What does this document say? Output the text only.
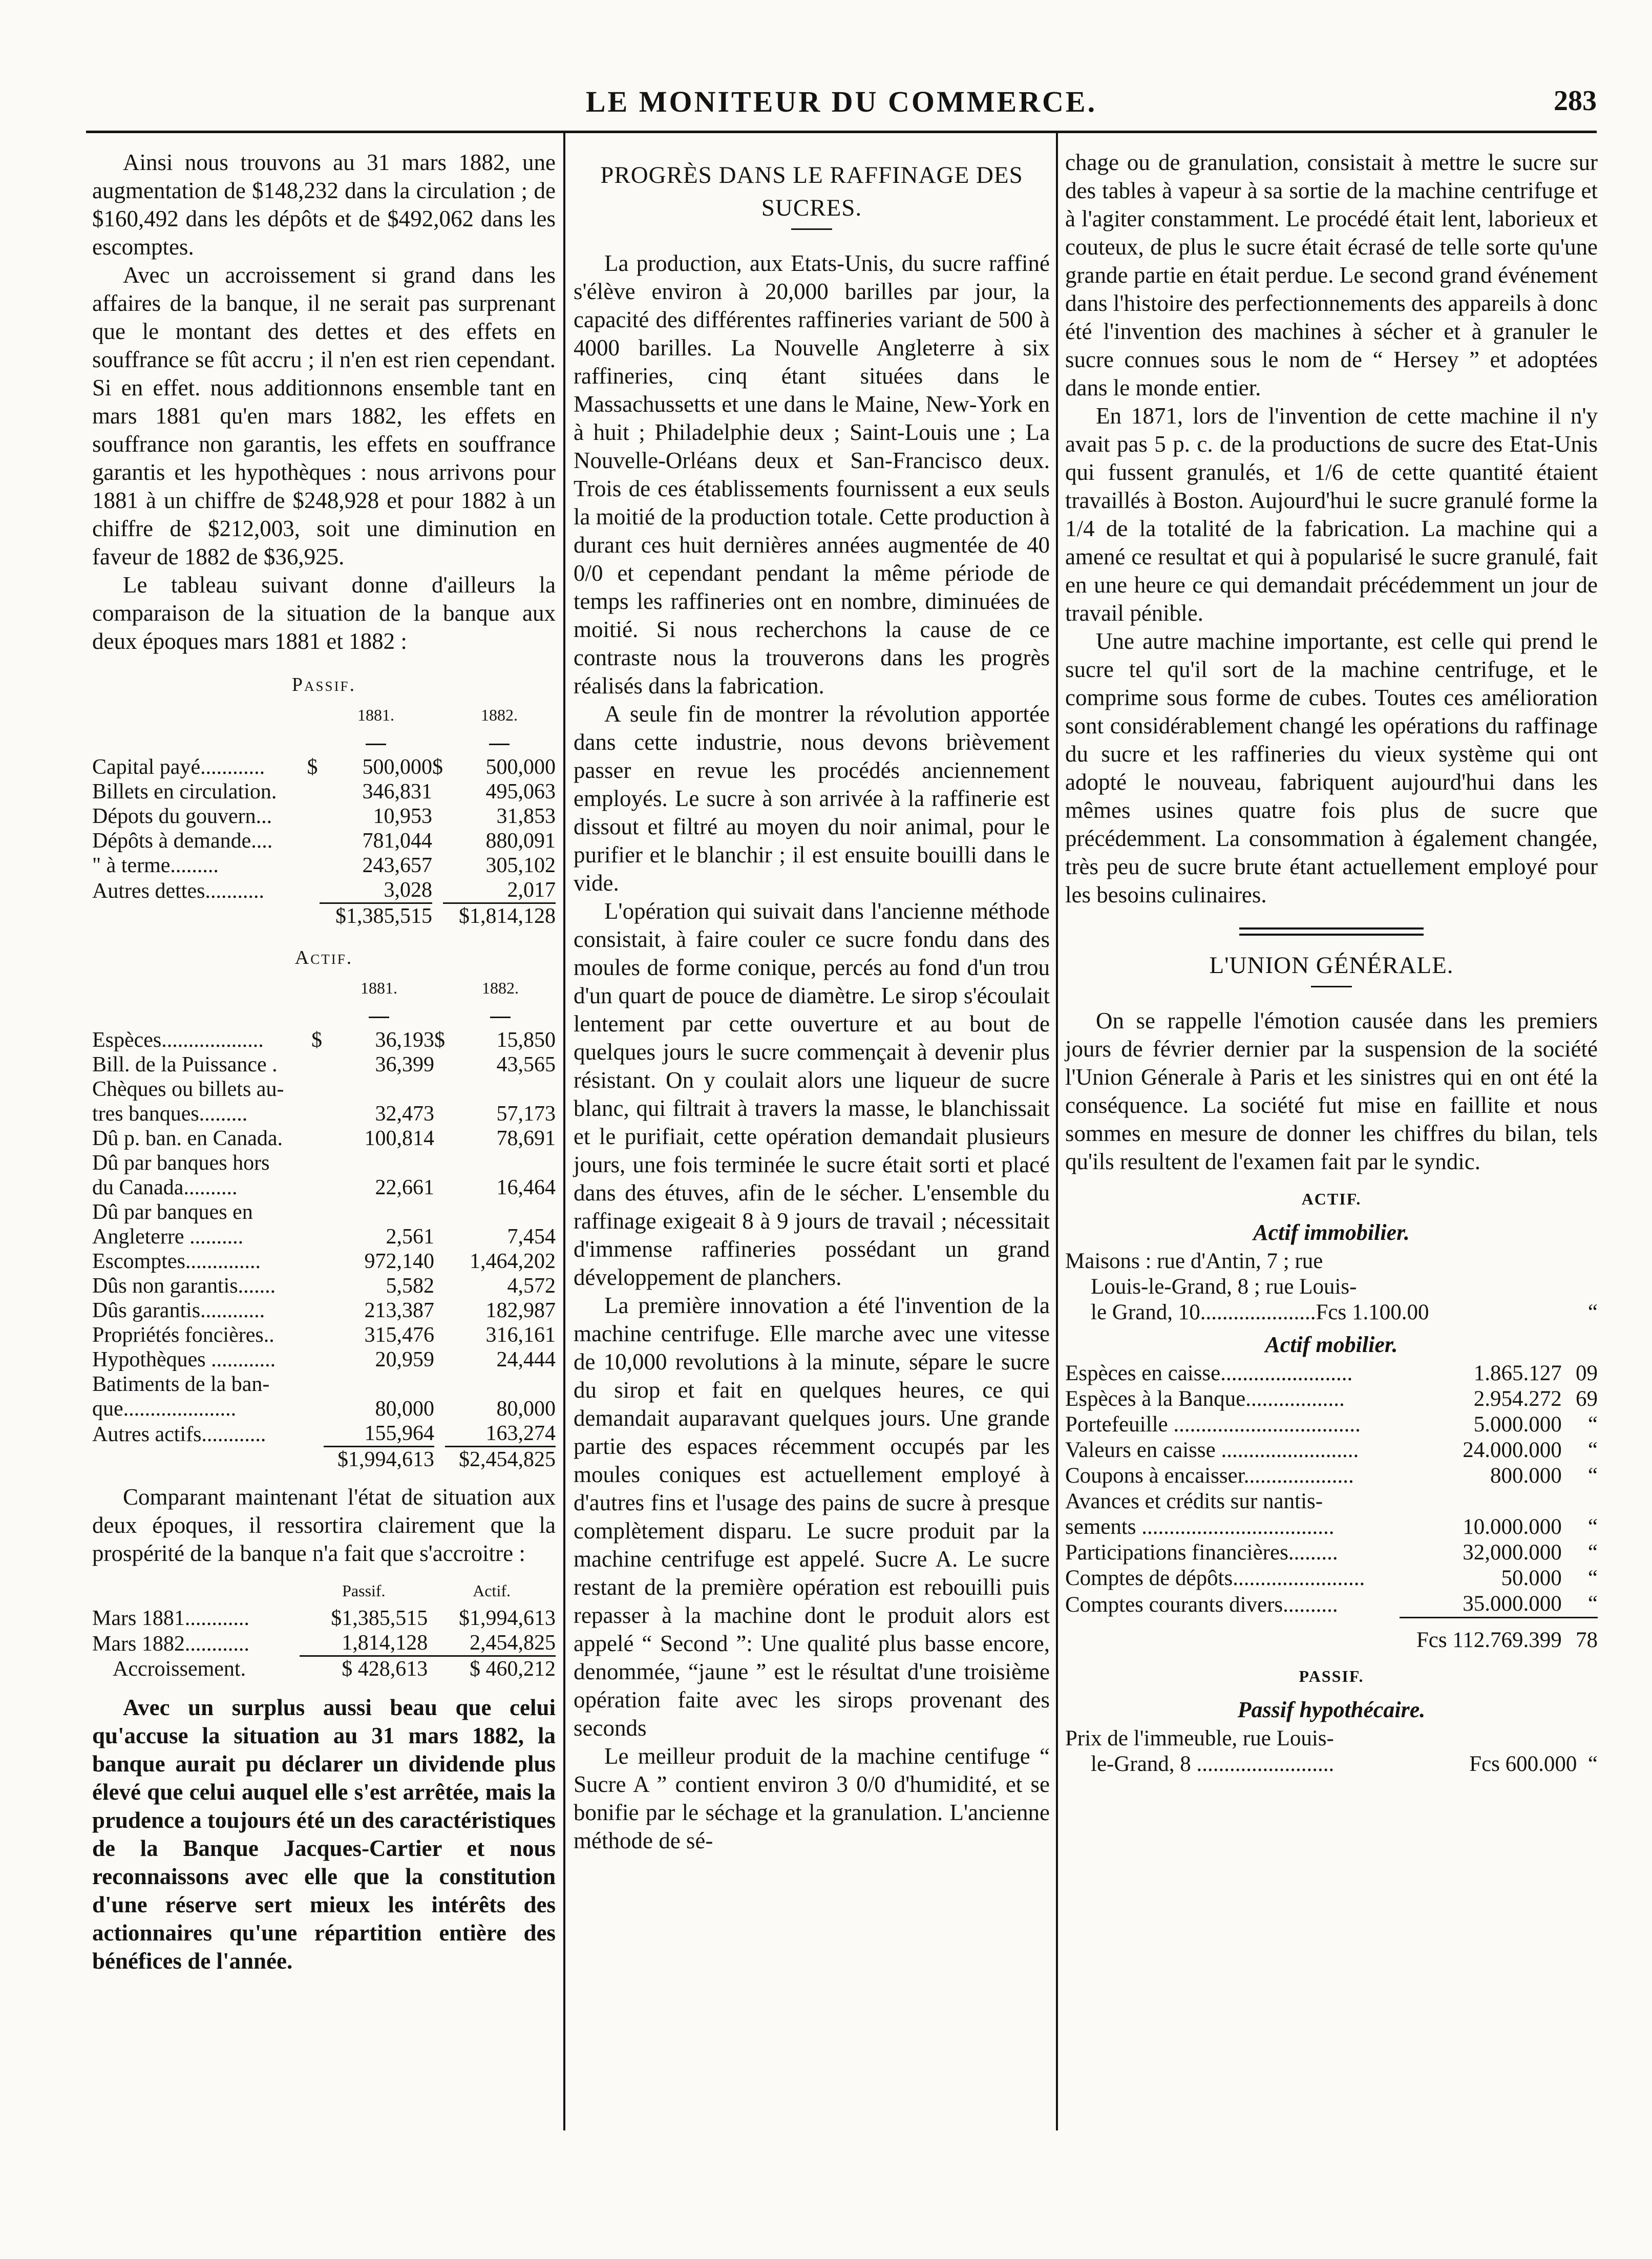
LE MONITEUR DU COMMERCE.	283

Ainsi nous trouvons au 31 mars 1882, une augmentation de $148,232 dans la circulation ; de $160,492 dans les dépôts et de $492,062 dans les escomptes.

Avec un accroissement si grand dans les affaires de la banque, il ne serait pas surprenant que le montant des dettes et des effets en souffrance se fût accru ; il n'en est rien cependant. Si en effet. nous additionnons ensemble tant en mars 1881 qu'en mars 1882, les effets en souffrance non garantis, les effets en souffrance garantis et les hypothèques : nous arrivons pour 1881 à un chiffre de $248,928 et pour 1882 à un chiffre de $212,003, soit une diminution en faveur de 1882 de $36,925.

Le tableau suivant donne d'ailleurs la comparaison de la situation de la banque aux deux époques mars 1881 et 1882 :

Passif.
		1881.		1882.

Capital payé............	$	500,000	$	500,000
Billets en circulation.		346,831		495,063
Dépots du gouvern...		10,953		31,853
Dépôts à demande....		781,044		880,091
" à terme.........		243,657		305,102
Autres dettes...........		3,028		2,017
		$1,385,515		$1,814,128
Actif.
		1881.		1882.

Espèces...................	$	36,193	$	15,850
Bill. de la Puissance .		36,399		43,565
Chèques ou billets au-				
tres banques.........		32,473		57,173
Dû p. ban. en Canada.		100,814		78,691
Dû par banques hors				
du Canada..........		22,661		16,464
Dû par banques en				
Angleterre ..........		2,561		7,454
Escomptes..............		972,140		1,464,202
Dûs non garantis.......		5,582		4,572
Dûs garantis............		213,387		182,987
Propriétés foncières..		315,476		316,161
Hypothèques ............		20,959		24,444
Batiments de la ban-				
que.....................		80,000		80,000
Autres actifs............		155,964		163,274
		$1,994,613		$2,454,825

Comparant maintenant l'état de situation aux deux époques, il ressortira clairement que la prospérité de la banque n'a fait que s'accroitre :

	Passif.	Actif.
Mars 1881............	$1,385,515	$1,994,613
Mars 1882............	1,814,128	2,454,825
Accroissement.	$ 428,613	$ 460,212

Avec un surplus aussi beau que celui qu'accuse la situation au 31 mars 1882, la banque aurait pu déclarer un dividende plus élevé que celui auquel elle s'est arrêtée, mais la prudence a toujours été un des caractéristiques de la Banque Jacques-Cartier et nous reconnaissons avec elle que la constitution d'une réserve sert mieux les intérêts des actionnaires qu'une répartition entière des bénéfices de l'année.

PROGRÈS DANS LE RAFFINAGE DES SUCRES.

La production, aux Etats-Unis, du sucre raffiné s'élève environ à 20,000 barilles par jour, la capacité des différentes raffineries variant de 500 à 4000 barilles. La Nouvelle Angleterre à six raffineries, cinq étant situées dans le Massachussetts et une dans le Maine, New-York en à huit ; Philadelphie deux ; Saint-Louis une ; La Nouvelle-Orléans deux et San-Francisco deux. Trois de ces établissements fournissent a eux seuls la moitié de la production totale. Cette production à durant ces huit dernières années augmentée de 40 0/0 et cependant pendant la même période de temps les raffineries ont en nombre, diminuées de moitié. Si nous recherchons la cause de ce contraste nous la trouverons dans les progrès réalisés dans la fabrication.

A seule fin de montrer la révolution apportée dans cette industrie, nous devons brièvement passer en revue les procédés anciennement employés. Le sucre à son arrivée à la raffinerie est dissout et filtré au moyen du noir animal, pour le purifier et le blanchir ; il est ensuite bouilli dans le vide.

L'opération qui suivait dans l'ancienne méthode consistait, à faire couler ce sucre fondu dans des moules de forme conique, percés au fond d'un trou d'un quart de pouce de diamètre. Le sirop s'écoulait lentement par cette ouverture et au bout de quelques jours le sucre commençait à devenir plus résistant. On y coulait alors une liqueur de sucre blanc, qui filtrait à travers la masse, le blanchissait et le purifiait, cette opération demandait plusieurs jours, une fois terminée le sucre était sorti et placé dans des étuves, afin de le sécher. L'ensemble du raffinage exigeait 8 à 9 jours de travail ; nécessitait d'immense raffineries possédant un grand développement de planchers.

La première innovation a été l'invention de la machine centrifuge. Elle marche avec une vitesse de 10,000 revolutions à la minute, sépare le sucre du sirop et fait en quelques heures, ce qui demandait auparavant quelques jours. Une grande partie des espaces récemment occupés par les moules coniques est actuellement employé à d'autres fins et l'usage des pains de sucre à presque complètement disparu. Le sucre produit par la machine centrifuge est appelé. Sucre A. Le sucre restant de la première opération est rebouilli puis repasser à la machine dont le produit alors est appelé “ Second ”: Une qualité plus basse encore, denommée, “jaune ” est le résultat d'une troisième opération faite avec les sirops provenant des seconds

Le meilleur produit de la machine centifuge “ Sucre A ” contient environ 3 0/0 d'humidité, et se bonifie par le séchage et la granulation. L'ancienne méthode de sé-

chage ou de granulation, consistait à mettre le sucre sur des tables à vapeur à sa sortie de la machine centrifuge et à l'agiter constamment. Le procédé était lent, laborieux et couteux, de plus le sucre était écrasé de telle sorte qu'une grande partie en était perdue. Le second grand événement dans l'histoire des perfectionnements des appareils à donc été l'invention des machines à sécher et à granuler le sucre connues sous le nom de “ Hersey ” et adoptées dans le monde entier.

En 1871, lors de l'invention de cette machine il n'y avait pas 5 p. c. de la productions de sucre des Etat-Unis qui fussent granulés, et 1/6 de cette quantité étaient travaillés à Boston. Aujourd'hui le sucre granulé forme la 1/4 de la totalité de la fabrication. La machine qui a amené ce resultat et qui à popularisé le sucre granulé, fait en une heure ce qui demandait précédemment un jour de travail pénible.

Une autre machine importante, est celle qui prend le sucre tel qu'il sort de la machine centrifuge, et le comprime sous forme de cubes. Toutes ces amélioration sont considérablement changé les opérations du raffinage du sucre et les raffineries du vieux système qui ont adopté le nouveau, fabriquent aujourd'hui dans les mêmes usines quatre fois plus de sucre que précédemment. La consommation à également changée, très peu de sucre brute étant actuellement employé pour les besoins culinaires.

L'UNION GÉNÉRALE.

On se rappelle l'émotion causée dans les premiers jours de février dernier par la suspension de la société l'Union Génerale à Paris et les sinistres qui en ont été la conséquence. La société fut mise en faillite et nous sommes en mesure de donner les chiffres du bilan, tels qu'ils resultent de l'examen fait par le syndic.

ACTIF.
Actif immobilier.
Maisons : rue d'Antin, 7 ; rue
Louis-le-Grand, 8 ; rue Louis-
le Grand, 10.....................Fcs 1.100.00	“
Actif mobilier.
Espèces en caisse........................	1.865.127	09
Espèces à la Banque..................	2.954.272	69
Portefeuille ..................................	5.000.000	“
Valeurs en caisse .........................	24.000.000	“
Coupons à encaisser....................	800.000	“
Avances et crédits sur nantis-		
sements ...................................	10.000.000	“
Participations financières.........	32,000.000	“
Comptes de dépôts........................	50.000	“
Comptes courants divers..........	35.000.000	“
	Fcs 112.769.399	78
PASSIF.
Passif hypothécaire.
Prix de l'immeuble, rue Louis-
le-Grand, 8 .........................	Fcs 600.000 “
